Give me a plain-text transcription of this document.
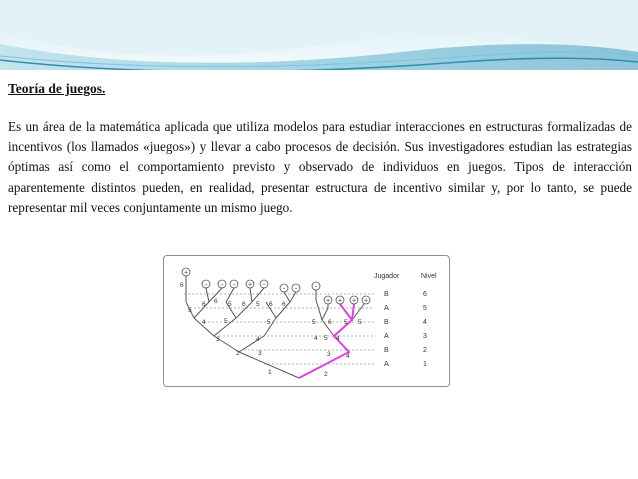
Teoría de juegos.
Es un área de la matemática aplicada que utiliza modelos para estudiar interacciones en estructuras formalizadas de incentivos (los llamados «juegos») y llevar a cabo procesos de decisión. Sus investigadores estudian las estrategias óptimas así como el comportamiento previsto y observado de individuos en juegos. Tipos de interacción aparentemente distintos pueden, en realidad, presentar estructura de incentivo similar y, por lo tanto, se puede representar mil veces conjuntamente un mismo juego.
+
- - - + -
- -	-
+ + + +
6
5
6 6
4	5
5 6 5 6
3	4
5
6
2	3
1	2
3 4
4 5 4
5 6 5 5
Jugador	Nivel
B	6
A	5
B	4
A	3
B	2
A	1
